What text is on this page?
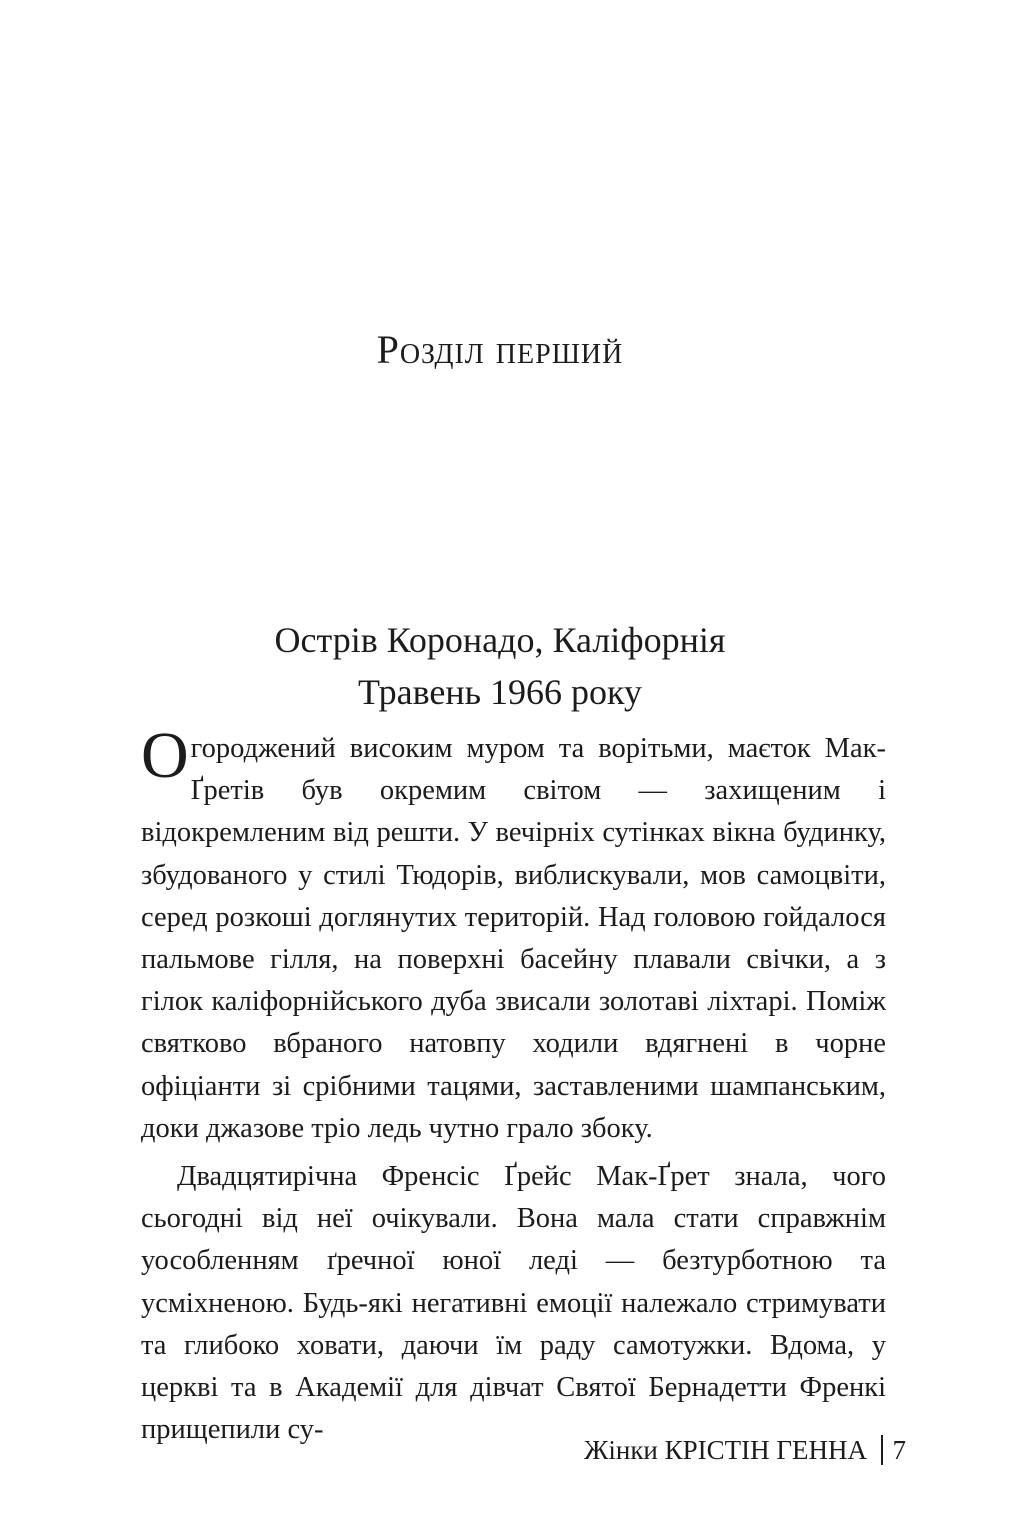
Розділ перший
Острів Коронадо, Каліфорнія
Травень 1966 року

Огороджений високим муром та ворітьми, маєток Мак-Ґретів був окремим світом — захищеним і відокремленим від решти. У вечірніх сутінках вікна будинку, збудованого у стилі Тюдорів, виблискували, мов самоцвіти, серед розкоші доглянутих територій. Над головою гойдалося пальмове гілля, на поверхні басейну плавали свічки, а з гілок каліфорнійського дуба звисали золотаві ліхтарі. Поміж святково вбраного натовпу ходили вдягнені в чорне офіціанти зі срібними тацями, заставленими шампанським, доки джазове тріо ледь чутно грало збоку.

Двадцятирічна Френсіс Ґрейс Мак-Ґрет знала, чого сьогодні від неї очікували. Вона мала стати справжнім уособленням ґречної юної леді — безтурботною та усміхненою. Будь-які негативні емоції належало стримувати та глибоко ховати, даючи їм раду самотужки. Вдома, у церкві та в Академії для дівчат Святої Бернадетти Френкі прищепили су-

Жінки КРІСТІН ГЕННА 7
